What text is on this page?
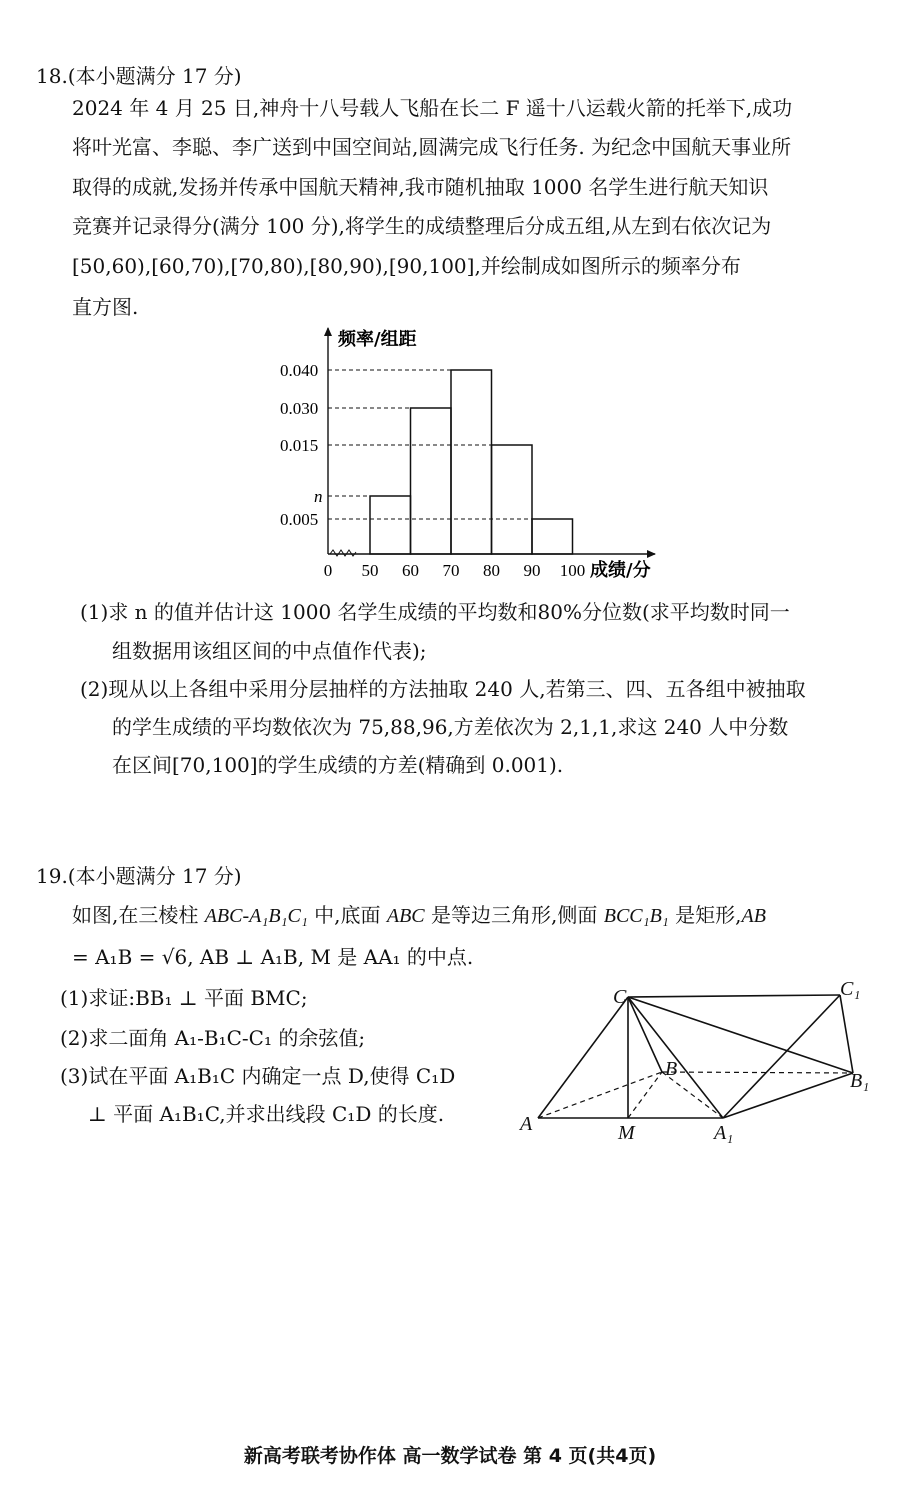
18.(本小题满分 17 分)
2024 年 4 月 25 日,神舟十八号载人飞船在长二 F 遥十八运载火箭的托举下,成功
将叶光富、李聪、李广送到中国空间站,圆满完成飞行任务. 为纪念中国航天事业所
取得的成就,发扬并传承中国航天精神,我市随机抽取 1000 名学生进行航天知识
竞赛并记录得分(满分 100 分),将学生的成绩整理后分成五组,从左到右依次记为
[50,60),[60,70),[70,80),[80,90),[90,100],并绘制成如图所示的频率分布
直方图.
0.040
0.030
0.015
n
0.005
0 50 60 70 80 90 100
频率/组距
成绩/分
(1)求 n 的值并估计这 1000 名学生成绩的平均数和80%分位数(求平均数时同一
组数据用该组区间的中点值作代表);
(2)现从以上各组中采用分层抽样的方法抽取 240 人,若第三、四、五各组中被抽取
的学生成绩的平均数依次为 75,88,96,方差依次为 2,1,1,求这 240 人中分数
在区间[70,100]的学生成绩的方差(精确到 0.001).
19.(本小题满分 17 分)
如图,在三棱柱 ABC-A₁B₁C₁ 中,底面 ABC 是等边三角形,侧面 BCC₁B₁ 是矩形,AB
= A₁B = √6, AB ⊥ A₁B, M 是 AA₁ 的中点.
(1)求证:BB₁ ⊥ 平面 BMC;
(2)求二面角 A₁-B₁C-C₁ 的余弦值;
(3)试在平面 A₁B₁C 内确定一点 D,使得 C₁D
⊥ 平面 A₁B₁C,并求出线段 C₁D 的长度.
C	C₁
B
B₁
A	M	A₁
新高考联考协作体 高一数学试卷 第 4 页(共4页)
